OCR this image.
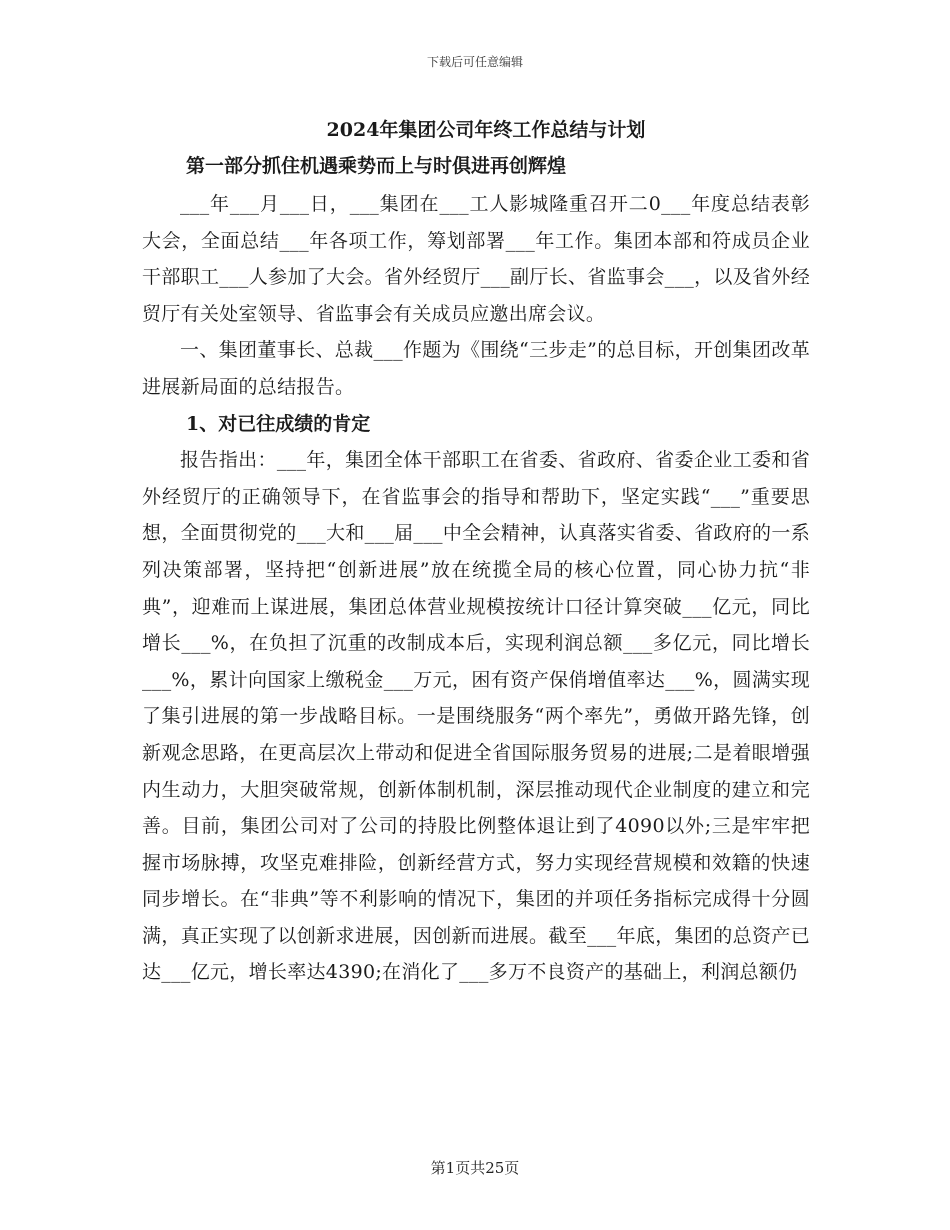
下载后可任意编辑
2024年集团公司年终工作总结与计划
第一部分抓住机遇乘势而上与时俱进再创辉煌

___年___月___日，___集团在___工人影城隆重召开二0___年度总结表彰大会，全面总结___年各项工作，筹划部署___年工作。集团本部和符成员企业干部职工___人参加了大会。省外经贸厅___副厅长、省监事会___，以及省外经贸厅有关处室领导、省监事会有关成员应邀出席会议。

一、集团董事长、总裁___作题为《围绕“三步走”的总目标，开创集团改革进展新局面的总结报告。

1、对已往成绩的肯定

报告指出：___年，集团全体干部职工在省委、省政府、省委企业工委和省外经贸厅的正确领导下，在省监事会的指导和帮助下，坚定实践“___”重要思想，全面贯彻党的___大和___届___中全会精神，认真落实省委、省政府的一系列决策部署，坚持把“创新进展”放在统揽全局的核心位置，同心协力抗“非典”，迎难而上谋进展，集团总体营业规模按统计口径计算突破___亿元，同比增长___%，在负担了沉重的改制成本后，实现利润总额___多亿元，同比增长___%，累计向国家上缴税金___万元，困有资产保俏增值率达___%，圆满实现了集引进展的第一步战略目标。一是围绕服务“两个率先”，勇做开路先锋，创新观念思路，在更高层次上带动和促进全省国际服务贸易的进展;二是着眼增强内生动力，大胆突破常规，创新体制机制，深层推动现代企业制度的建立和完善。目前，集团公司对了公司的持股比例整体退让到了4090以外;三是牢牢把握市场脉搏，攻坚克难排险，创新经营方式，努力实现经营规模和效籍的快速同步增长。在“非典”等不利影响的情况下，集团的并项任务指标完成得十分圆满，真正实现了以创新求进展，因创新而进展。截至___年底，集团的总资产已达___亿元，增长率达4390;在消化了___多万不良资产的基础上，利润总额仍

第1页共25页
